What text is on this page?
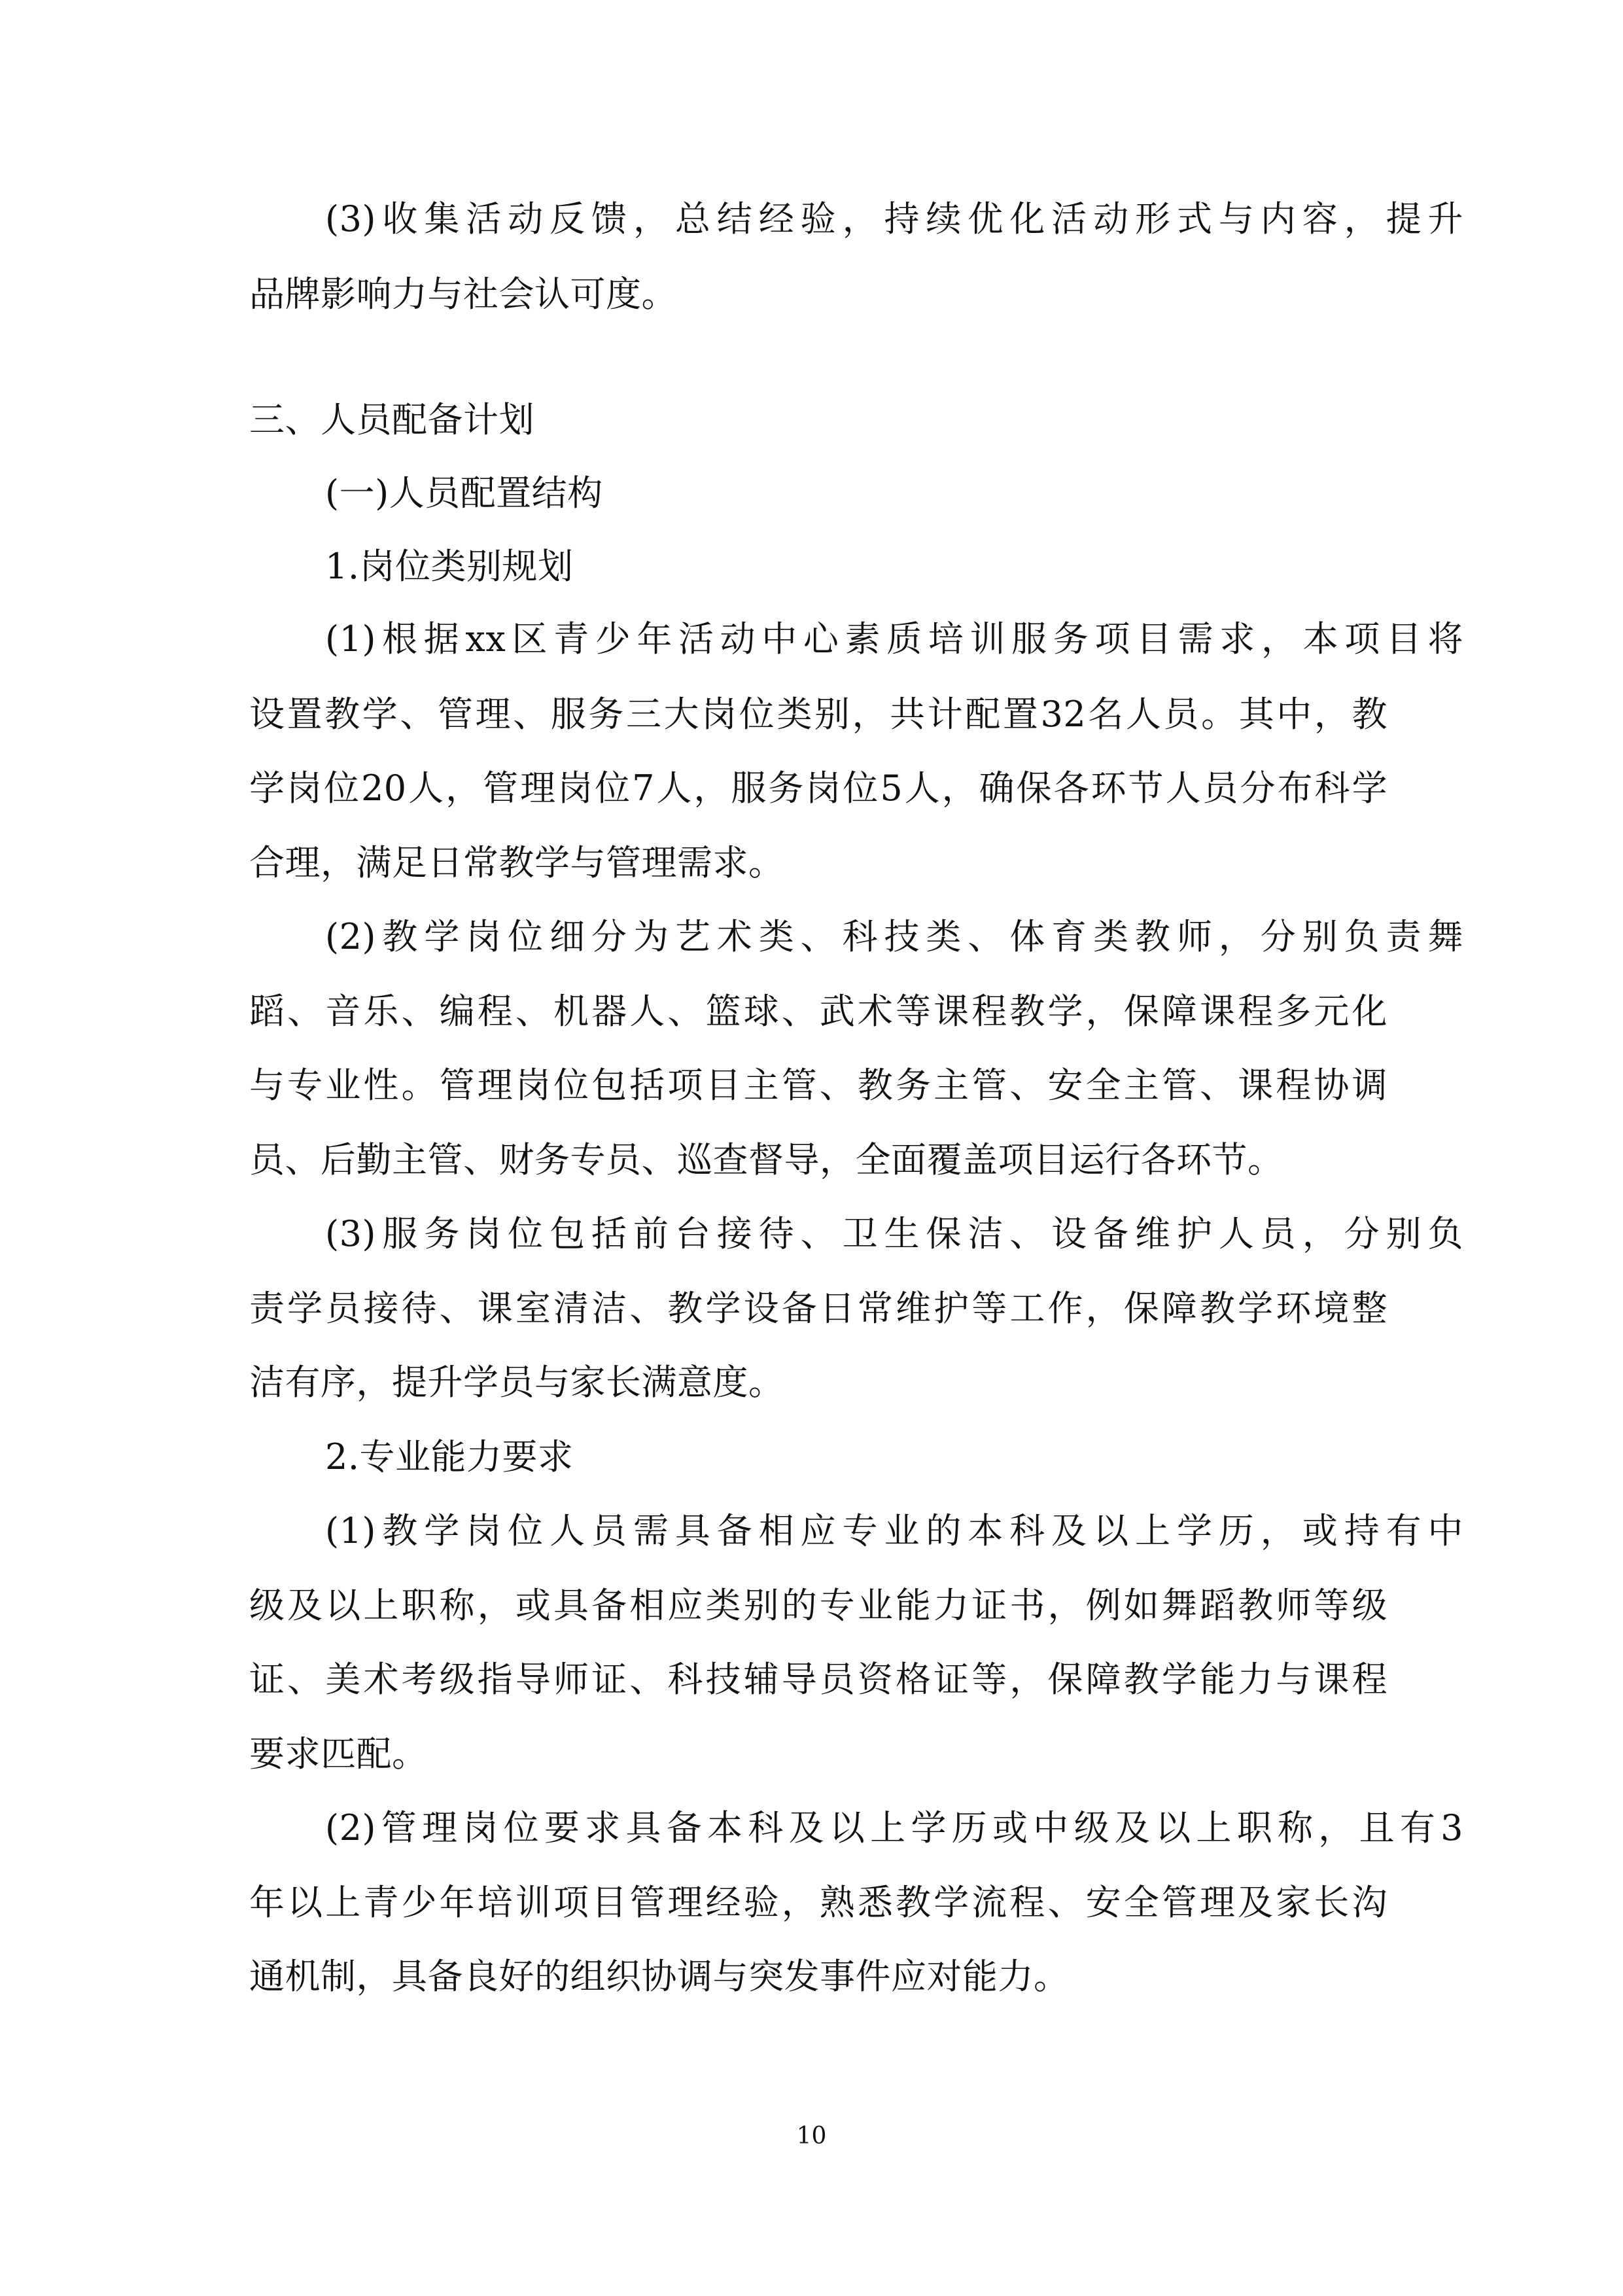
(3)收集活动反馈，总结经验，持续优化活动形式与内容，提升
品牌影响力与社会认可度。
三、人员配备计划
(一)人员配置结构
1.岗位类别规划
(1)根据xx区青少年活动中心素质培训服务项目需求，本项目将
设置教学、管理、服务三大岗位类别，共计配置32名人员。其中，教
学岗位20人，管理岗位7人，服务岗位5人，确保各环节人员分布科学
合理，满足日常教学与管理需求。
(2)教学岗位细分为艺术类、科技类、体育类教师，分别负责舞
蹈、音乐、编程、机器人、篮球、武术等课程教学，保障课程多元化
与专业性。管理岗位包括项目主管、教务主管、安全主管、课程协调
员、后勤主管、财务专员、巡查督导，全面覆盖项目运行各环节。
(3)服务岗位包括前台接待、卫生保洁、设备维护人员，分别负
责学员接待、课室清洁、教学设备日常维护等工作，保障教学环境整
洁有序，提升学员与家长满意度。
2.专业能力要求
(1)教学岗位人员需具备相应专业的本科及以上学历，或持有中
级及以上职称，或具备相应类别的专业能力证书，例如舞蹈教师等级
证、美术考级指导师证、科技辅导员资格证等，保障教学能力与课程
要求匹配。
(2)管理岗位要求具备本科及以上学历或中级及以上职称，且有3
年以上青少年培训项目管理经验，熟悉教学流程、安全管理及家长沟
通机制，具备良好的组织协调与突发事件应对能力。
10
